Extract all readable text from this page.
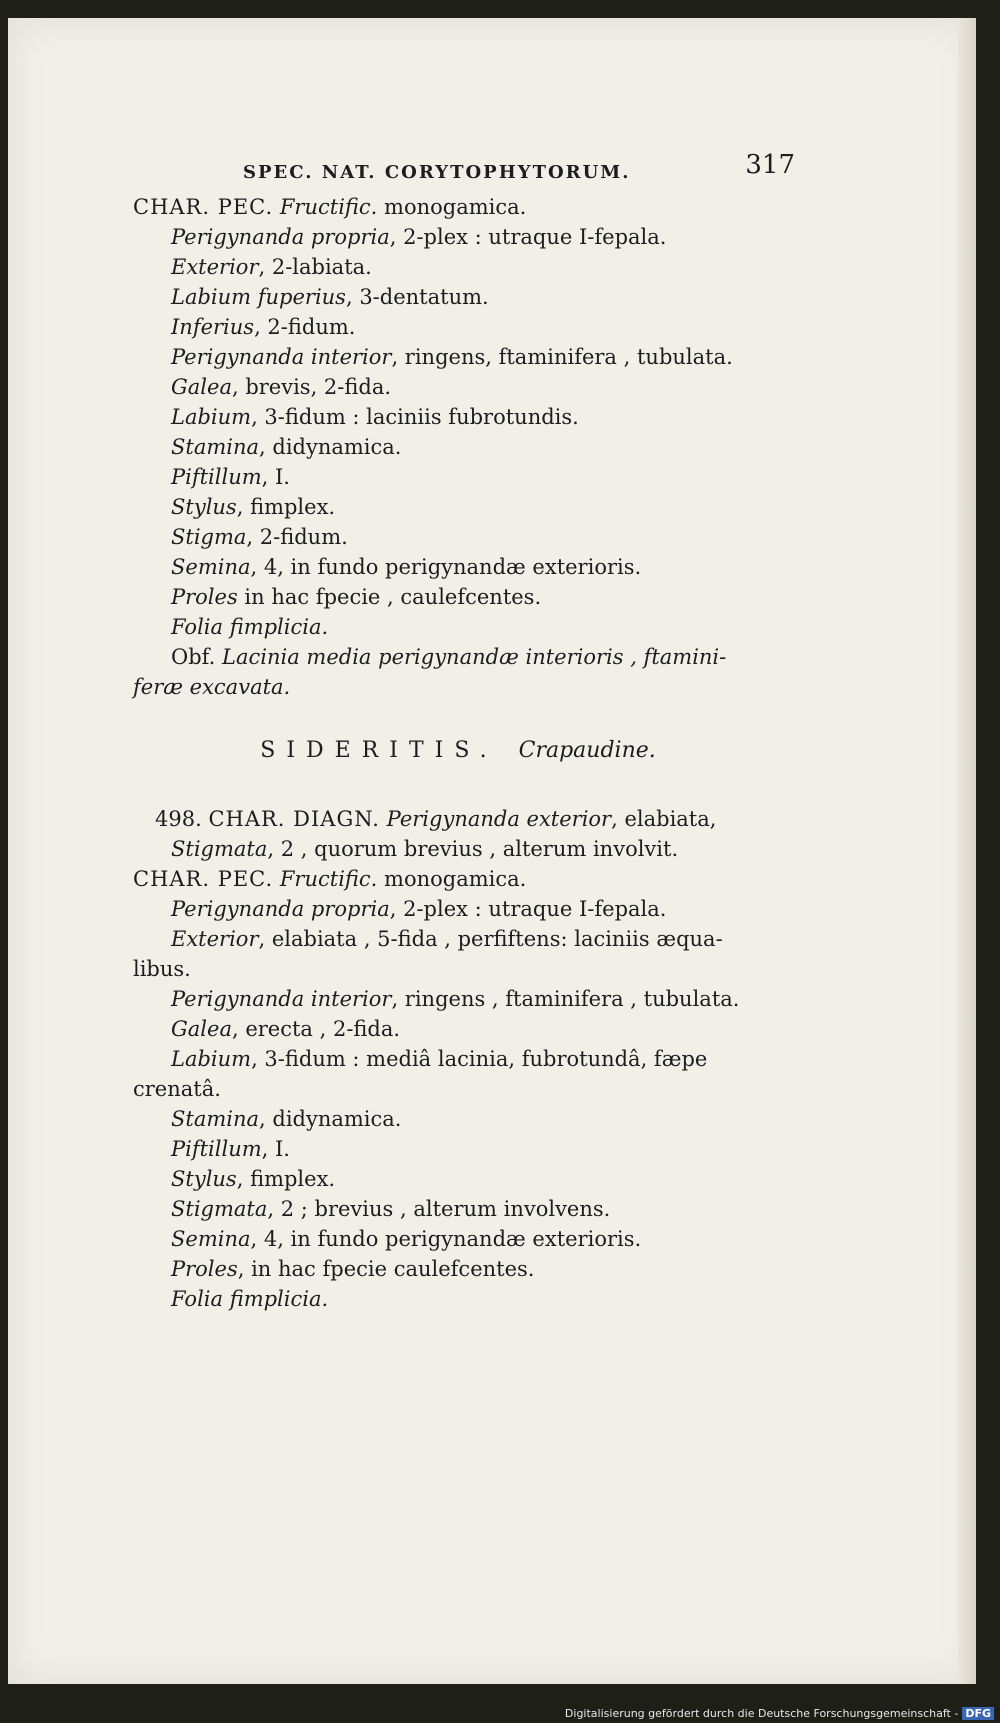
SPEC. NAT. CORYTOPHYTORUM.	317
CHAR. PEC. Fructific. monogamica.
Perigynanda propria, 2-plex : utraque I-fepala.
Exterior, 2-labiata.
Labium fuperius, 3-dentatum.
Inferius, 2-fidum.
Perigynanda interior, ringens, ftaminifera , tubulata.
Galea, brevis, 2-fida.
Labium, 3-fidum : laciniis fubrotundis.
Stamina, didynamica.
Piftillum, I.
Stylus, fimplex.
Stigma, 2-fidum.
Semina, 4, in fundo perigynandæ exterioris.
Proles in hac fpecie , caulefcentes.
Folia fimplicia.
Obf. Lacinia media perigynandæ interioris , ftamini-
feræ excavata.
SIDERITIS. Crapaudine.
498. CHAR. DIAGN. Perigynanda exterior, elabiata,
Stigmata, 2 , quorum brevius , alterum involvit.
CHAR. PEC. Fructific. monogamica.
Perigynanda propria, 2-plex : utraque I-fepala.
Exterior, elabiata , 5-fida , perfiftens: laciniis æqua-
libus.
Perigynanda interior, ringens , ftaminifera , tubulata.
Galea, erecta , 2-fida.
Labium, 3-fidum : mediâ lacinia, fubrotundâ, fæpe
crenatâ.
Stamina, didynamica.
Piftillum, I.
Stylus, fimplex.
Stigmata, 2 ; brevius , alterum involvens.
Semina, 4, in fundo perigynandæ exterioris.
Proles, in hac fpecie caulefcentes.
Folia fimplicia.
Digitalisierung gefördert durch die Deutsche Forschungsgemeinschaft - DFG
